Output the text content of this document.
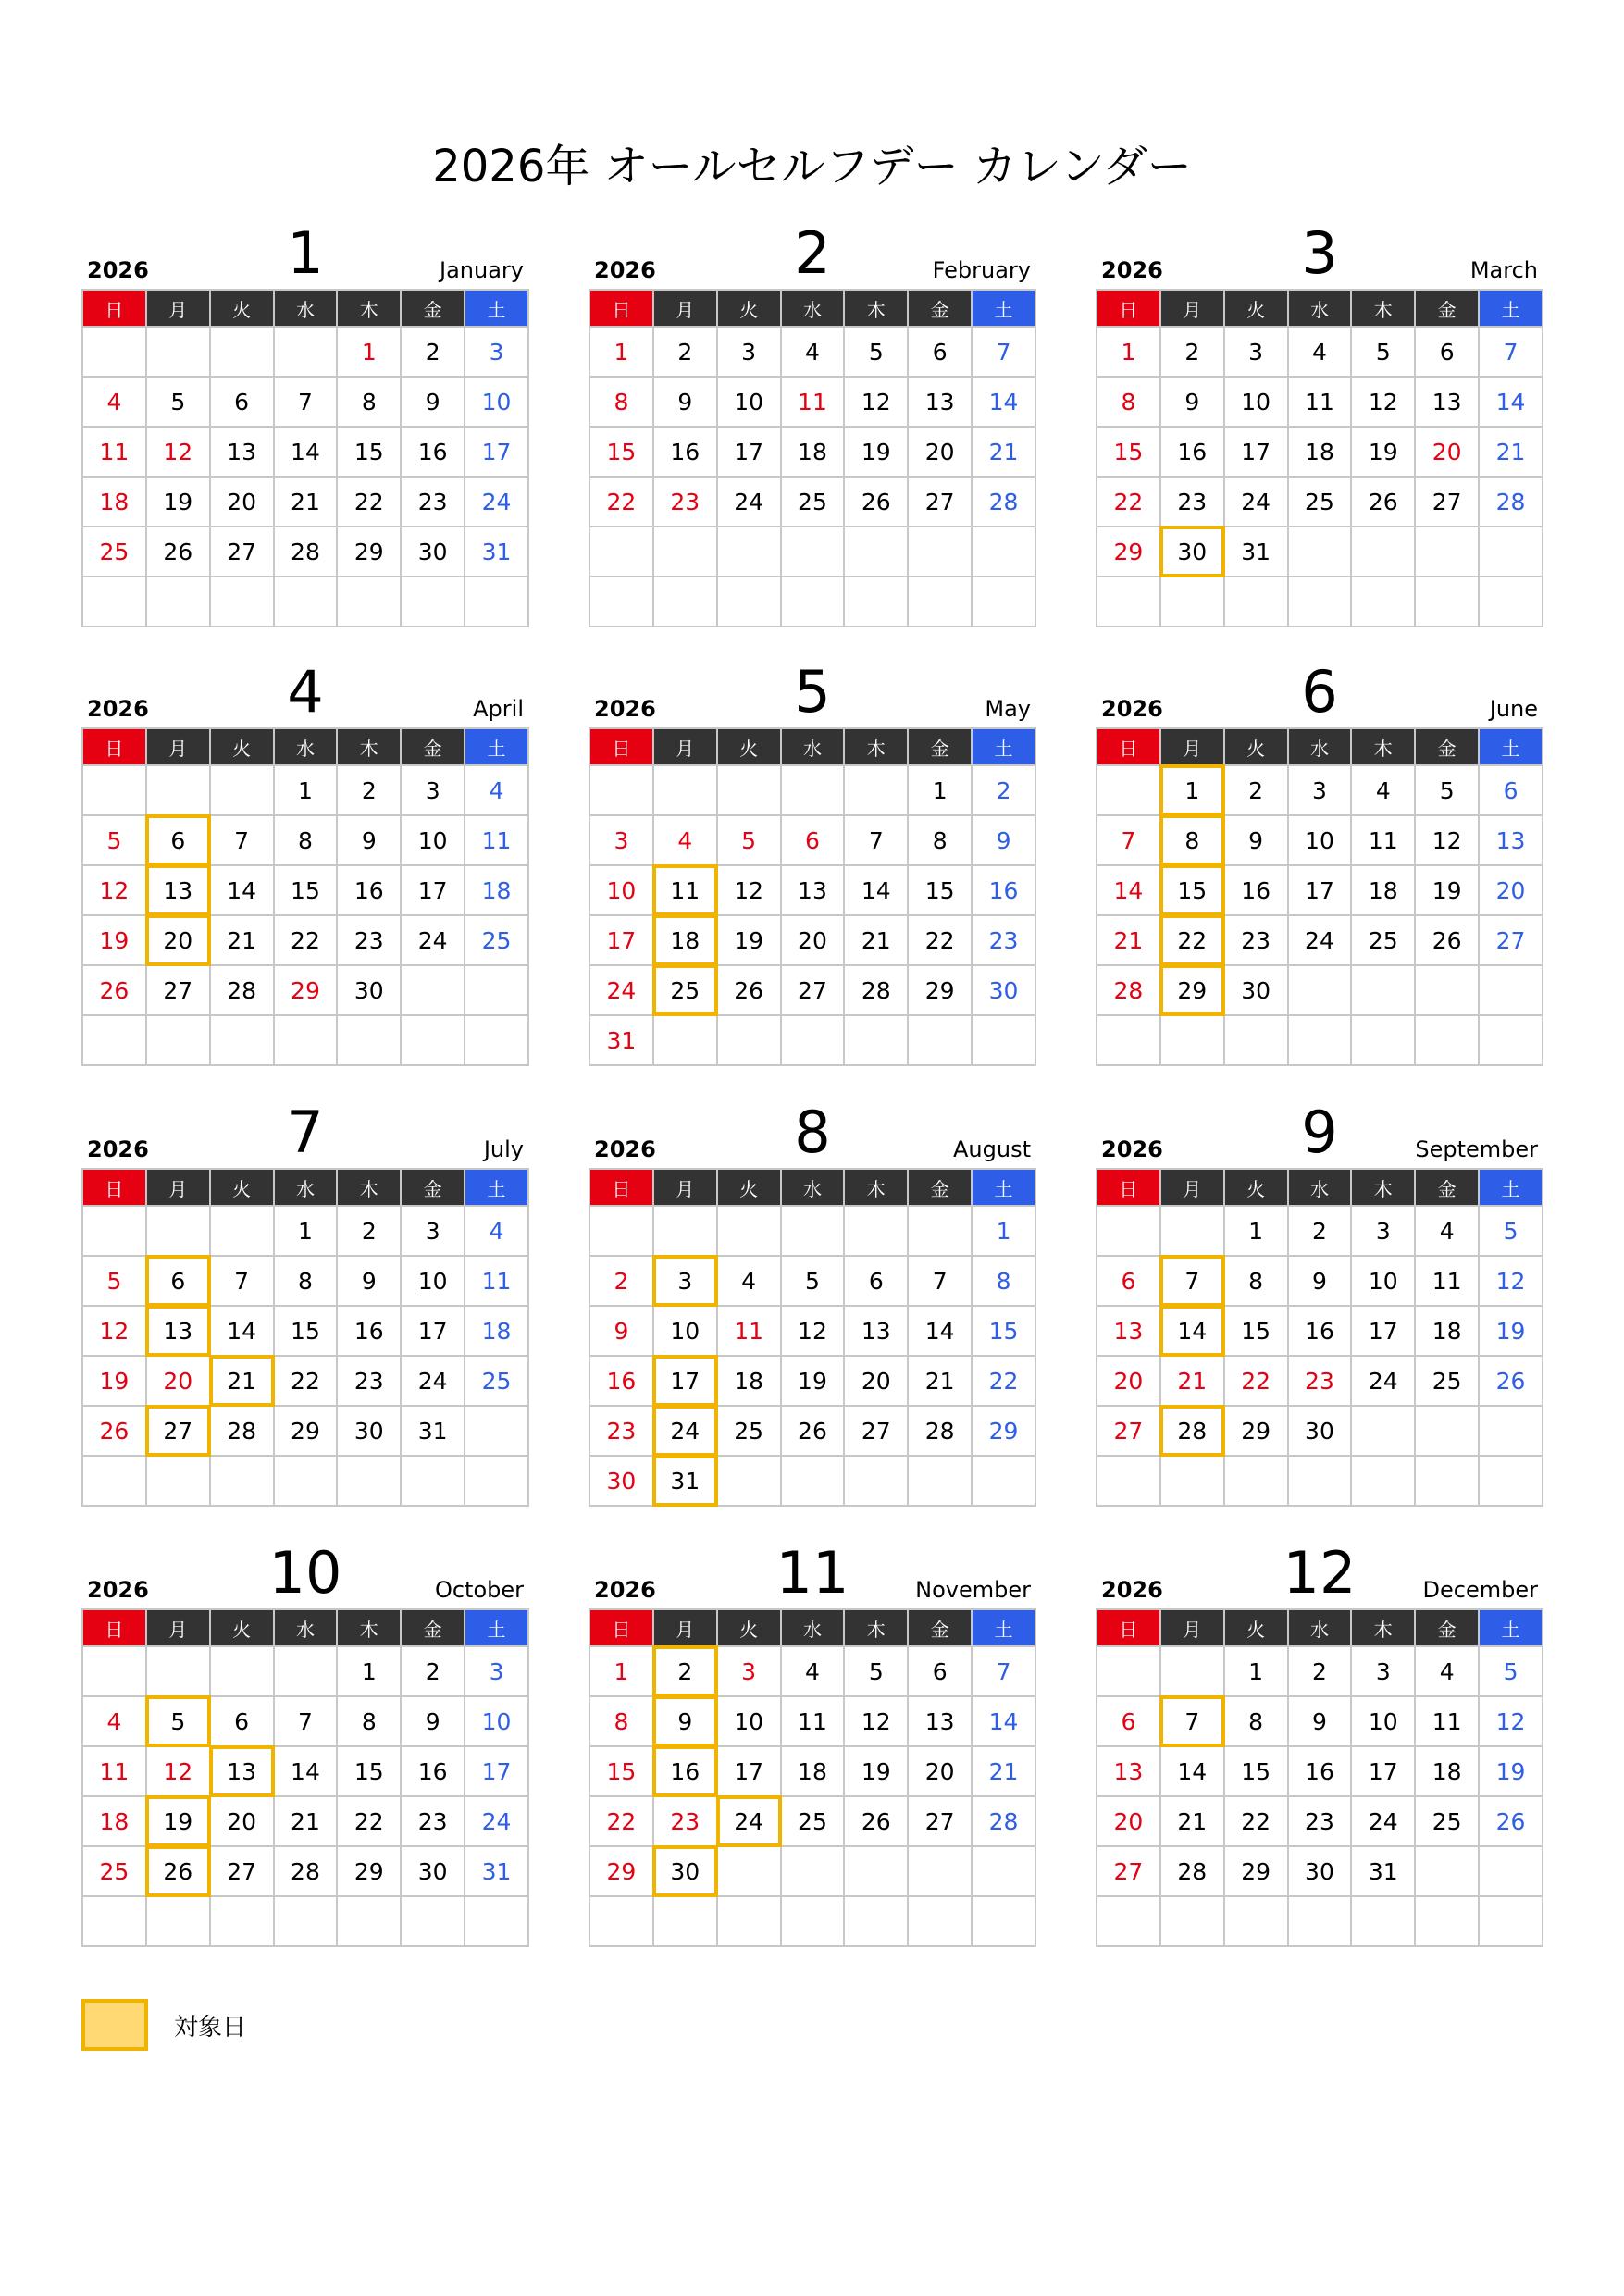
2026年 オールセルフデー カレンダー
2026	1	January
日	月	火	水	木	金	土
				1	2	3
4	5	6	7	8	9	10
11	12	13	14	15	16	17
18	19	20	21	22	23	24
25	26	27	28	29	30	31

2026	2	February
日	月	火	水	木	金	土
1	2	3	4	5	6	7
8	9	10	11	12	13	14
15	16	17	18	19	20	21
22	23	24	25	26	27	28

2026	3	March
日	月	火	水	木	金	土
1	2	3	4	5	6	7
8	9	10	11	12	13	14
15	16	17	18	19	20	21
22	23	24	25	26	27	28
29	30	31				

2026	4	April
日	月	火	水	木	金	土
			1	2	3	4
5	6	7	8	9	10	11
12	13	14	15	16	17	18
19	20	21	22	23	24	25
26	27	28	29	30		

2026	5	May
日	月	火	水	木	金	土
					1	2
3	4	5	6	7	8	9
10	11	12	13	14	15	16
17	18	19	20	21	22	23
24	25	26	27	28	29	30
31						
2026	6	June
日	月	火	水	木	金	土
	1	2	3	4	5	6
7	8	9	10	11	12	13
14	15	16	17	18	19	20
21	22	23	24	25	26	27
28	29	30				

2026	7	July
日	月	火	水	木	金	土
			1	2	3	4
5	6	7	8	9	10	11
12	13	14	15	16	17	18
19	20	21	22	23	24	25
26	27	28	29	30	31	

2026	8	August
日	月	火	水	木	金	土
						1
2	3	4	5	6	7	8
9	10	11	12	13	14	15
16	17	18	19	20	21	22
23	24	25	26	27	28	29
30	31					
2026	9	September
日	月	火	水	木	金	土
		1	2	3	4	5
6	7	8	9	10	11	12
13	14	15	16	17	18	19
20	21	22	23	24	25	26
27	28	29	30			

2026	10	October
日	月	火	水	木	金	土
				1	2	3
4	5	6	7	8	9	10
11	12	13	14	15	16	17
18	19	20	21	22	23	24
25	26	27	28	29	30	31

2026	11	November
日	月	火	水	木	金	土
1	2	3	4	5	6	7
8	9	10	11	12	13	14
15	16	17	18	19	20	21
22	23	24	25	26	27	28
29	30					

2026	12	December
日	月	火	水	木	金	土
		1	2	3	4	5
6	7	8	9	10	11	12
13	14	15	16	17	18	19
20	21	22	23	24	25	26
27	28	29	30	31		

対象日
